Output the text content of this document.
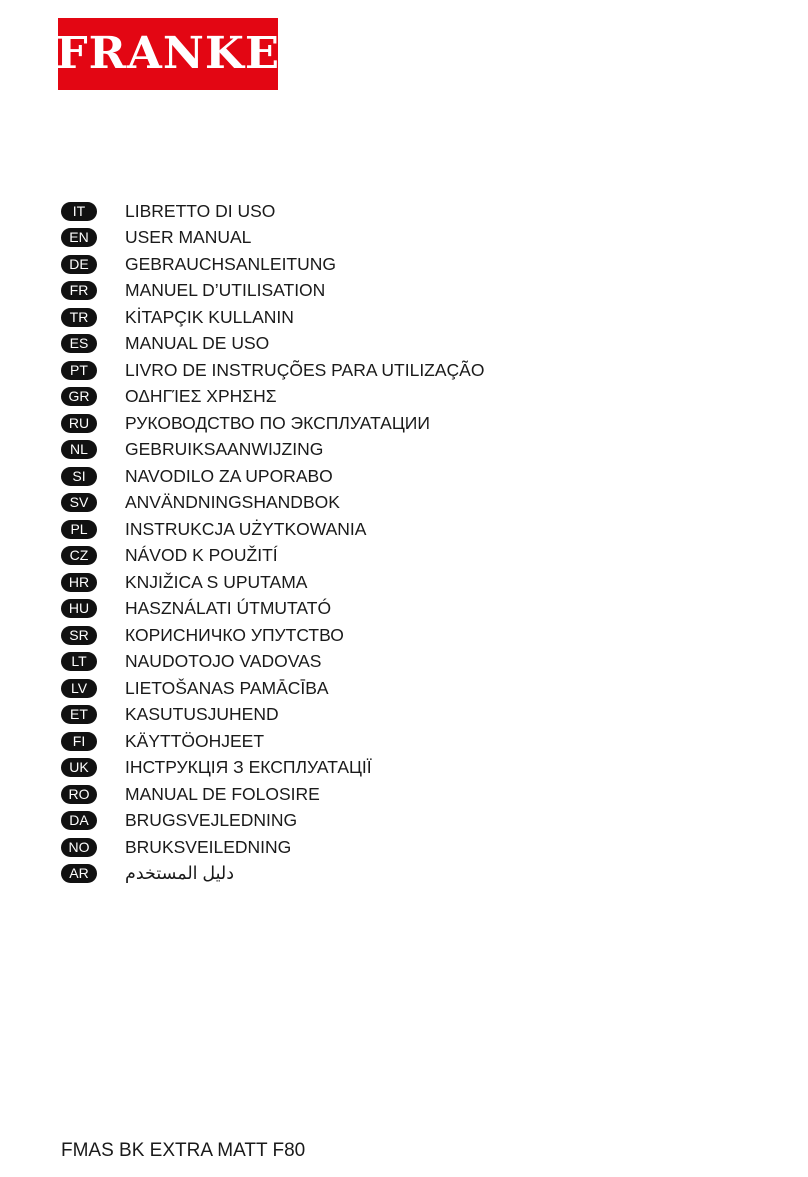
FRANKE
IT	LIBRETTO DI USO
EN	USER MANUAL
DE	GEBRAUCHSANLEITUNG
FR	MANUEL D’UTILISATION
TR	KİTAPÇIK KULLANIN
ES	MANUAL DE USO
PT	LIVRO DE INSTRUÇÕES PARA UTILIZAÇÃO
GR	ΟΔΗΓΊΕΣ ΧΡΗΣΗΣ
RU	РУКОВОДСТВО ПО ЭКСПЛУАТАЦИИ
NL	GEBRUIKSAANWIJZING
SI	NAVODILO ZA UPORABO
SV	ANVÄNDNINGSHANDBOK
PL	INSTRUKCJA UŻYTKOWANIA
CZ	NÁVOD K POUŽITÍ
HR	KNJIŽICA S UPUTAMA
HU	HASZNÁLATI ÚTMUTATÓ
SR	КОРИСНИЧКО УПУТСТВО
LT	NAUDOTOJO VADOVAS
LV	LIETOŠANAS PAMĀCĪBA
ET	KASUTUSJUHEND
FI	KÄYTTÖOHJEET
UK	ІНСТРУКЦІЯ З ЕКСПЛУАТАЦІЇ
RO	MANUAL DE FOLOSIRE
DA	BRUGSVEJLEDNING
NO	BRUKSVEILEDNING
AR	دليل المستخدم
FMAS BK EXTRA MATT F80
